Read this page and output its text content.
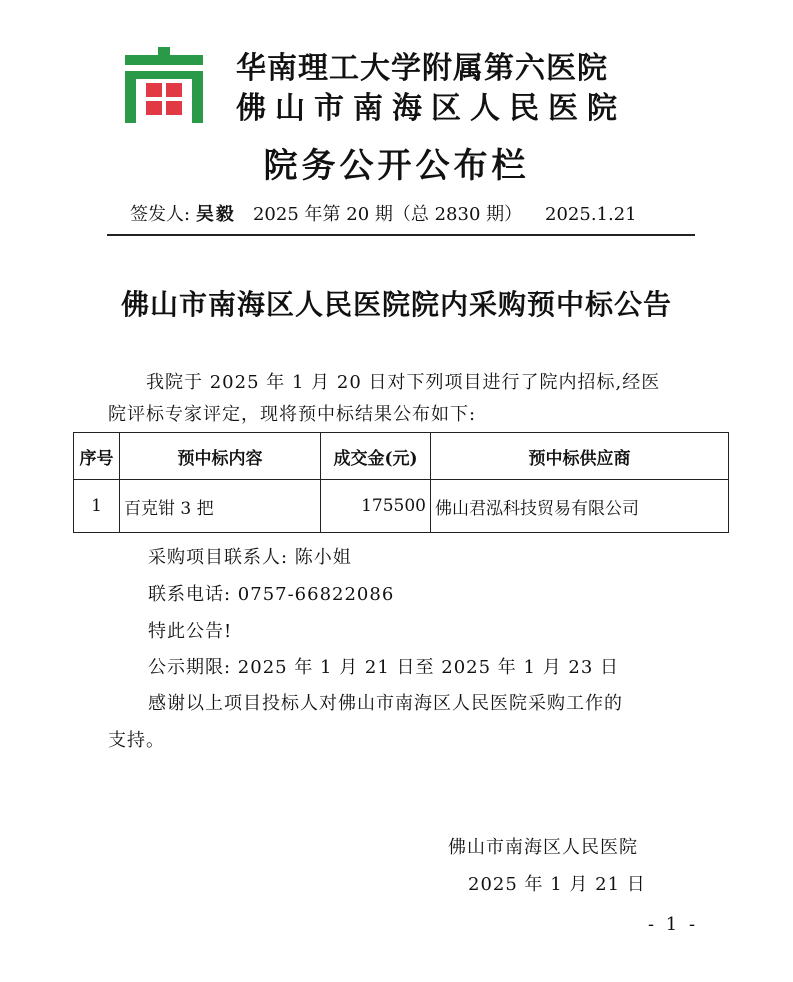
华南理工大学附属第六医院
佛山市南海区人民医院
院务公开公布栏
签发人: 吴毅 2025 年第 20 期（总 2830 期） 2025.1.21
佛山市南海区人民医院院内采购预中标公告
我院于 2025 年 1 月 20 日对下列项目进行了院内招标,经医
院评标专家评定，现将预中标结果公布如下:
序号	预中标内容	成交金(元)	预中标供应商
1	百克钳 3 把	175500	佛山君泓科技贸易有限公司
采购项目联系人: 陈小姐
联系电话: 0757-66822086
特此公告!
公示期限: 2025 年 1 月 21 日至 2025 年 1 月 23 日
感谢以上项目投标人对佛山市南海区人民医院采购工作的
支持。
佛山市南海区人民医院
2025 年 1 月 21 日
- 1 -
